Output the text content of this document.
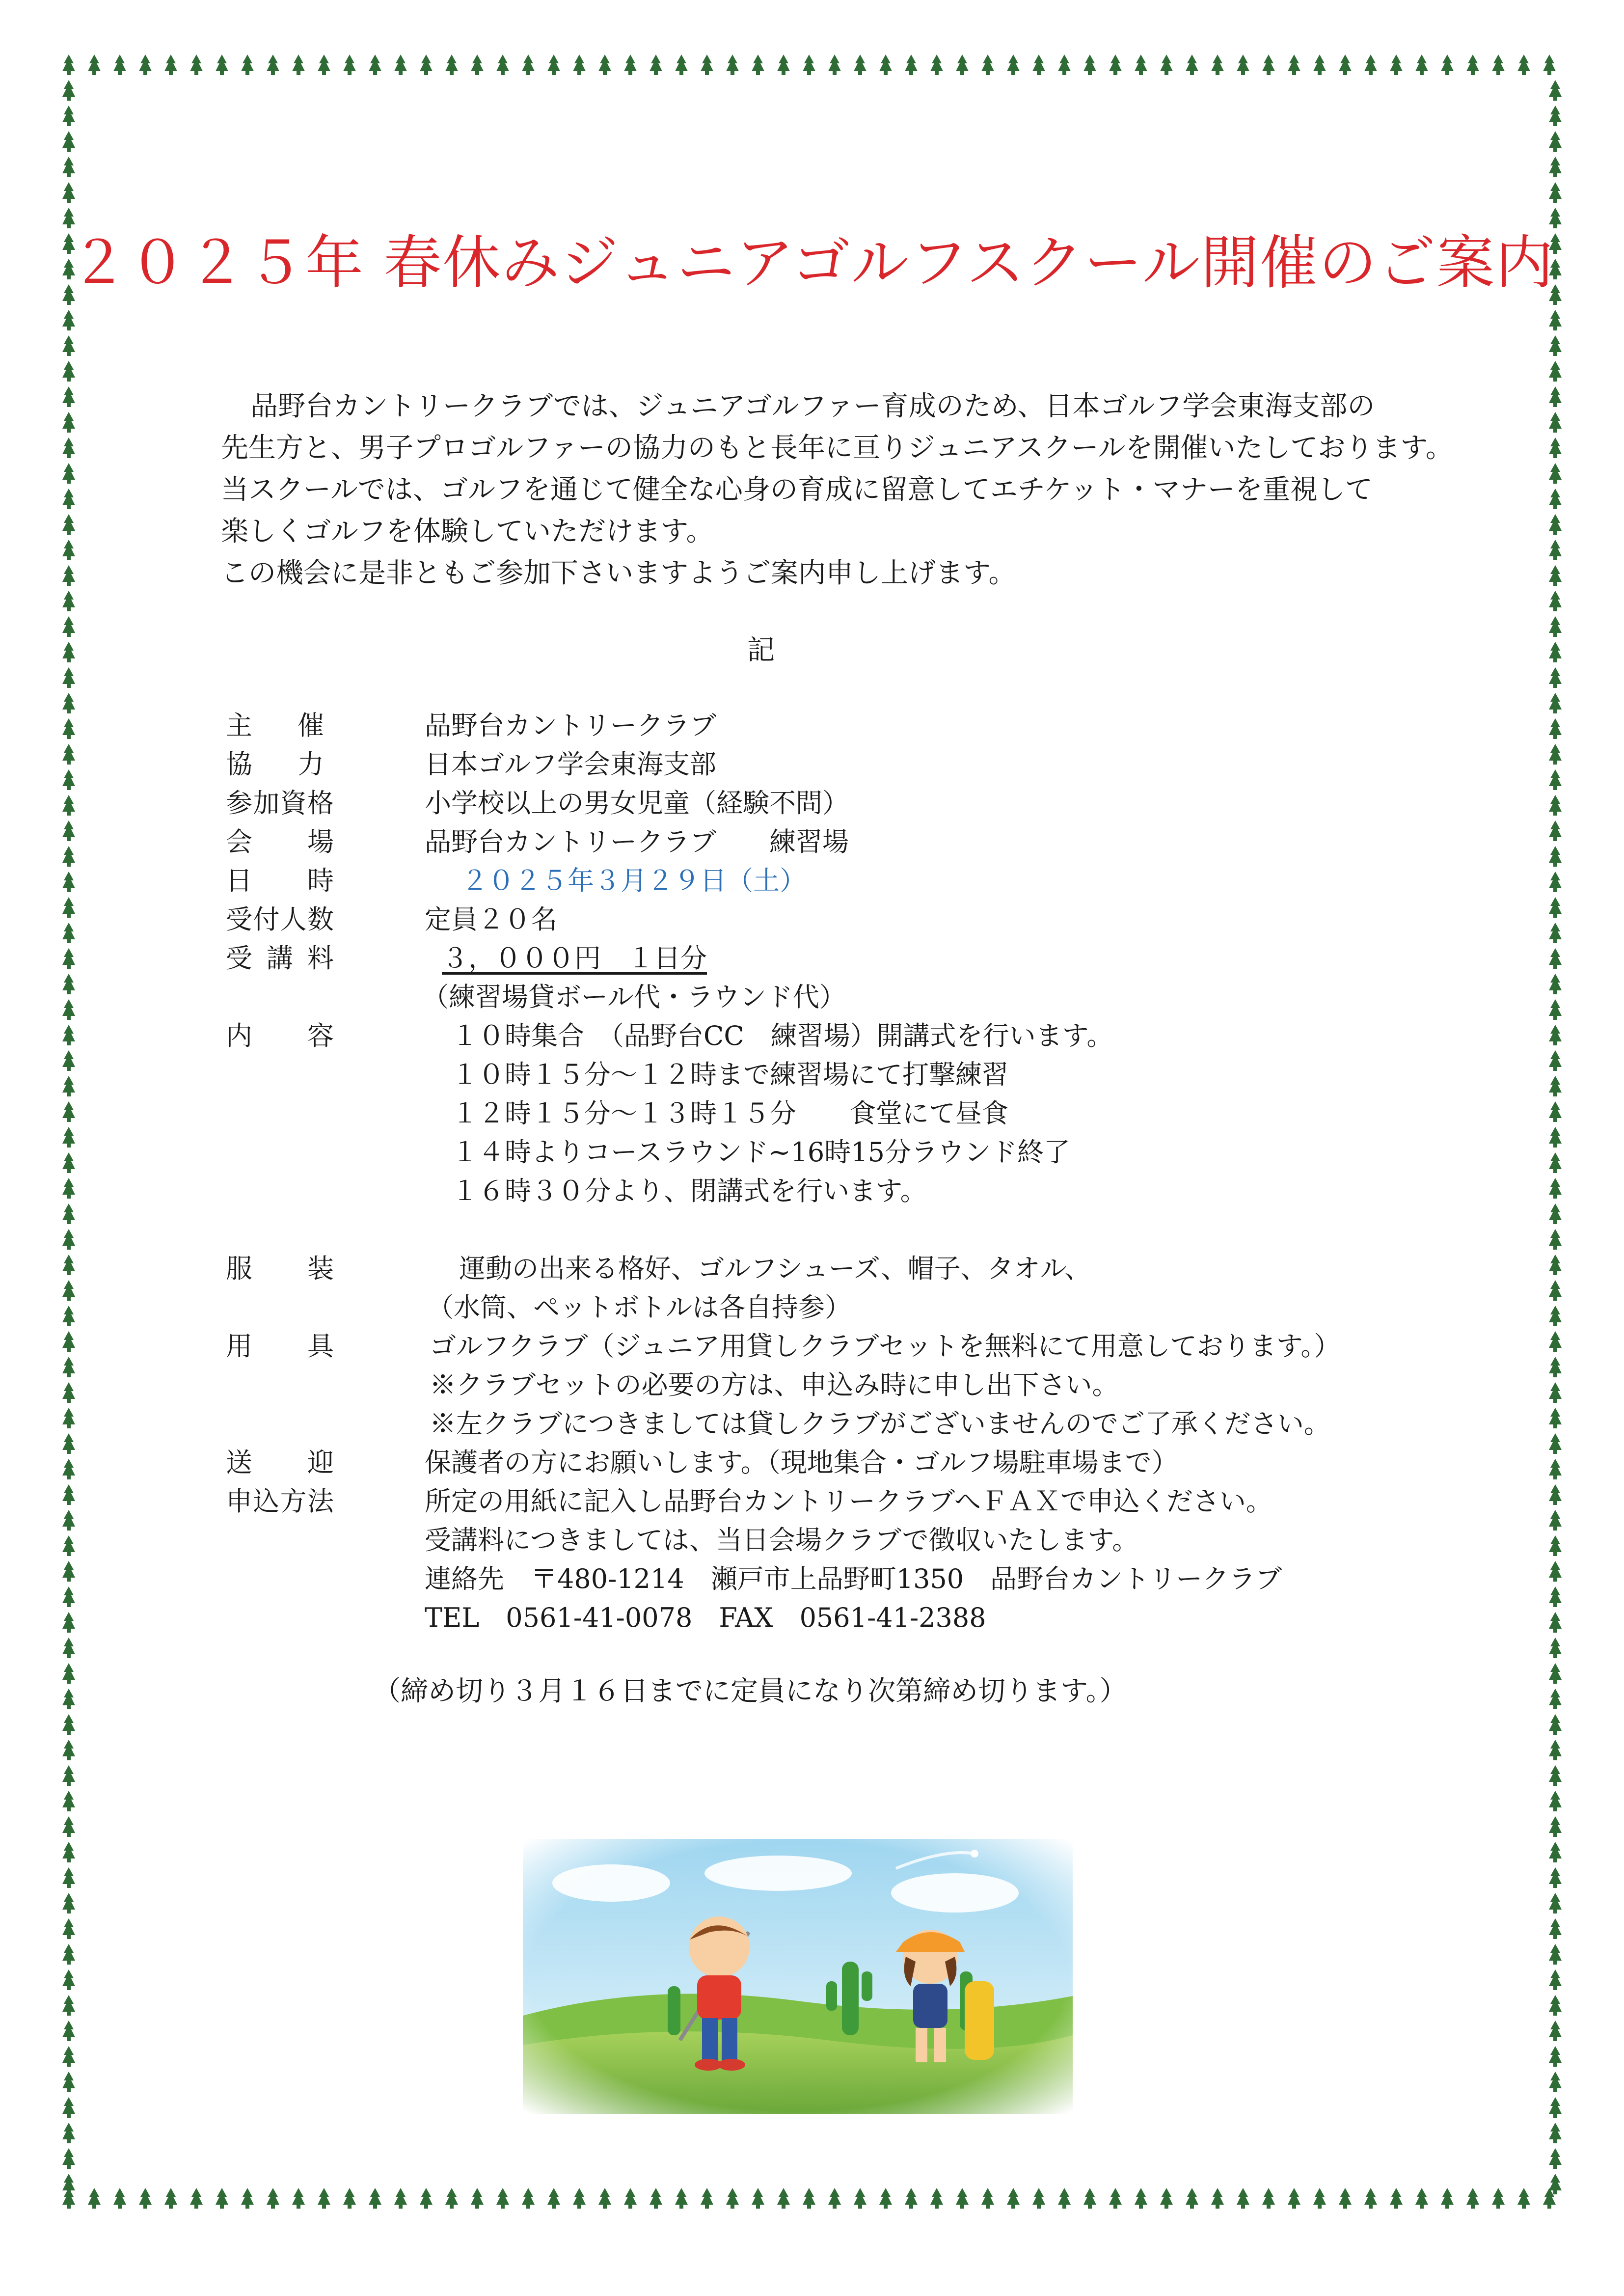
２０２５年 春休みジュニアゴルフスクール開催のご案内

品野台カントリークラブでは、ジュニアゴルファー育成のため、日本ゴルフ学会東海支部の

先生方と、男子プロゴルファーの協力のもと長年に亘りジュニアスクールを開催いたしております。

当スクールでは、ゴルフを通じて健全な心身の育成に留意してエチケット・マナーを重視して

楽しくゴルフを体験していただけます。

この機会に是非ともご参加下さいますようご案内申し上げます。

記

主催	品野台カントリークラブ
協力	日本ゴルフ学会東海支部
参加資格	小学校以上の男女児童（経験不問）
会場	品野台カントリークラブ　　練習場
日時	２０２５年３月２９日（土）
受付人数	定員２０名
受講料	３，０００円　１日分
（練習場貸ボール代・ラウンド代）
内容	１０時集合　（品野台CC　練習場）開講式を行います。
１０時１５分～１２時まで練習場にて打撃練習
１２時１５分～１３時１５分　　食堂にて昼食
１４時よりコースラウンド~16時15分ラウンド終了
１６時３０分より、閉講式を行います。
服装	運動の出来る格好、ゴルフシューズ、帽子、タオル、
（水筒、ペットボトルは各自持参）
用具	ゴルフクラブ（ジュニア用貸しクラブセットを無料にて用意しております。）
※クラブセットの必要の方は、申込み時に申し出下さい。
※左クラブにつきましては貸しクラブがございませんのでご了承ください。
送迎	保護者の方にお願いします。（現地集合・ゴルフ場駐車場まで）
申込方法	所定の用紙に記入し品野台カントリークラブへＦＡＸで申込ください。
受講料につきましては、当日会場クラブで徴収いたします。
連絡先　〒480-1214　瀬戸市上品野町1350　品野台カントリークラブ
TEL　0561-41-0078　FAX　0561-41-2388

（締め切り３月１６日までに定員になり次第締め切ります。）
